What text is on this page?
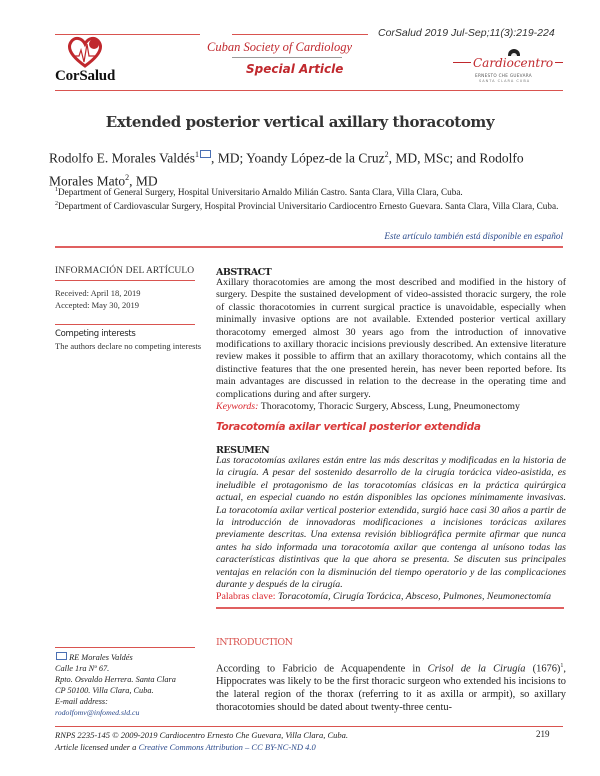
CorSalud
Cuban Society of Cardiology
Special Article
CorSalud 2019 Jul-Sep;11(3):219-224
Cardiocentro
ERNESTO CHE GUEVARA
SANTA CLARA CUBA
Extended posterior vertical axillary thoracotomy
Rodolfo E. Morales Valdés$^1$ , MD; Yoandy López-de la Cruz$^2$, MD, MSc; and Rodolfo Morales Mato$^2$, MD
$^1$Department of General Surgery, Hospital Universitario Arnaldo Milián Castro. Santa Clara, Villa Clara, Cuba.
$^2$Department of Cardiovascular Surgery, Hospital Provincial Universitario Cardiocentro Ernesto Guevara. Santa Clara, Villa Clara, Cuba.
Este artículo también está disponible en español
INFORMACIÓN DEL ARTÍCULO
Received: April 18, 2019
Accepted: May 30, 2019
Competing interests
The authors declare no competing interests
ABSTRACT
Axillary thoracotomies are among the most described and modified in the history of surgery. Despite the sustained development of video-assisted thoracic surgery, the role of classic thoracotomies in current surgical practice is unavoidable, especially when minimally invasive options are not available. Extended posterior vertical axillary thoracotomy emerged almost 30 years ago from the introduction of innovative modifications to axillary thoracic incisions previously described. An extensive literature review makes it possible to affirm that an axillary thoracotomy, which contains all the distinctive features that the one presented herein, has never been reported before. Its main advantages are discussed in relation to the decrease in the operating time and complications during and after surgery.
Keywords: Thoracotomy, Thoracic Surgery, Abscess, Lung, Pneumonectomy
Toracotomía axilar vertical posterior extendida
RESUMEN
Las toracotomías axilares están entre las más descritas y modificadas en la historia de la cirugía. A pesar del sostenido desarrollo de la cirugía torácica video-asistida, es ineludible el protagonismo de las toracotomías clásicas en la práctica quirúrgica actual, en especial cuando no están disponibles las opciones mínimamente invasivas. La toracotomía axilar vertical posterior extendida, surgió hace casi 30 años a partir de la introducción de innovadoras modificaciones a incisiones torácicas axilares previamente descritas. Una extensa revisión bibliográfica permite afirmar que nunca antes ha sido informada una toracotomía axilar que contenga al unísono todas las características distintivas que la que ahora se presenta. Se discuten sus principales ventajas en relación con la disminución del tiempo operatorio y de las complicaciones durante y después de la cirugía.
Palabras clave: Toracotomía, Cirugía Torácica, Absceso, Pulmones, Neumonectomía
RE Morales Valdés
Calle 1ra Nº 67.
Rpto. Osvaldo Herrera. Santa Clara
CP 50100. Villa Clara, Cuba.
E-mail address:
rodolfomv@infomed.sld.cu
INTRODUCTION
According to Fabricio de Acquapendente in Crisol de la Cirugía $(1676)^1$, Hippocrates was likely to be the first thoracic surgeon who extended his incisions to the lateral region of the thorax (referring to it as axilla or armpit), so axillary thoracotomies should be dated about twenty-three centu-
RNPS 2235-145 © 2009-2019 Cardiocentro Ernesto Che Guevara, Villa Clara, Cuba.
Article licensed under a Creative Commons Attribution – CC BY-NC-ND 4.0
219
